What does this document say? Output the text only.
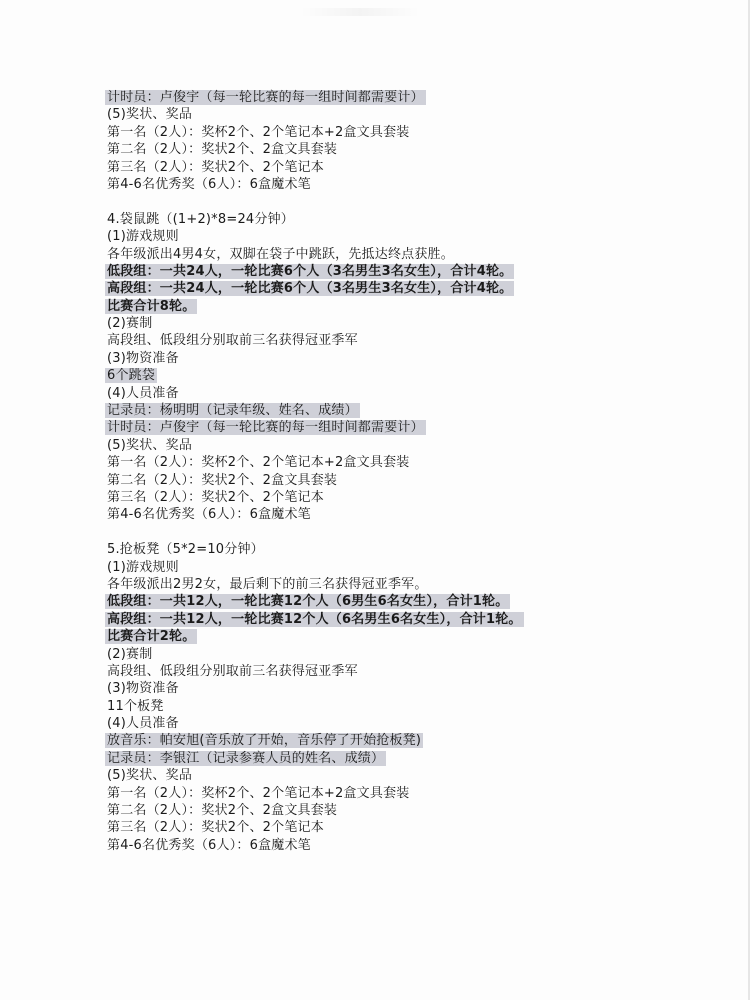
计时员：卢俊宇（每一轮比赛的每一组时间都需要计）
(5)奖状、奖品
第一名（2人）：奖杯2个、2个笔记本+2盒文具套装
第二名（2人）：奖状2个、2盒文具套装
第三名（2人）：奖状2个、2个笔记本
第4-6名优秀奖（6人）：6盒魔术笔
4.袋鼠跳（(1+2)*8=24分钟）
(1)游戏规则
各年级派出4男4女，双脚在袋子中跳跃，先抵达终点获胜。
低段组：一共24人，一轮比赛6个人（3名男生3名女生），合计4轮。
高段组：一共24人，一轮比赛6个人（3名男生3名女生），合计4轮。
比赛合计8轮。
(2)赛制
高段组、低段组分别取前三名获得冠亚季军
(3)物资准备
6个跳袋
(4)人员准备
记录员：杨明明（记录年级、姓名、成绩）
计时员：卢俊宇（每一轮比赛的每一组时间都需要计）
(5)奖状、奖品
第一名（2人）：奖杯2个、2个笔记本+2盒文具套装
第二名（2人）：奖状2个、2盒文具套装
第三名（2人）：奖状2个、2个笔记本
第4-6名优秀奖（6人）：6盒魔术笔
5.抢板凳（5*2=10分钟）
(1)游戏规则
各年级派出2男2女，最后剩下的前三名获得冠亚季军。
低段组：一共12人，一轮比赛12个人（6男生6名女生），合计1轮。
高段组：一共12人，一轮比赛12个人（6名男生6名女生），合计1轮。
比赛合计2轮。
(2)赛制
高段组、低段组分别取前三名获得冠亚季军
(3)物资准备
11个板凳
(4)人员准备
放音乐：帕安旭(音乐放了开始，音乐停了开始抢板凳)
记录员：李银江（记录参赛人员的姓名、成绩）
(5)奖状、奖品
第一名（2人）：奖杯2个、2个笔记本+2盒文具套装
第二名（2人）：奖状2个、2盒文具套装
第三名（2人）：奖状2个、2个笔记本
第4-6名优秀奖（6人）：6盒魔术笔
